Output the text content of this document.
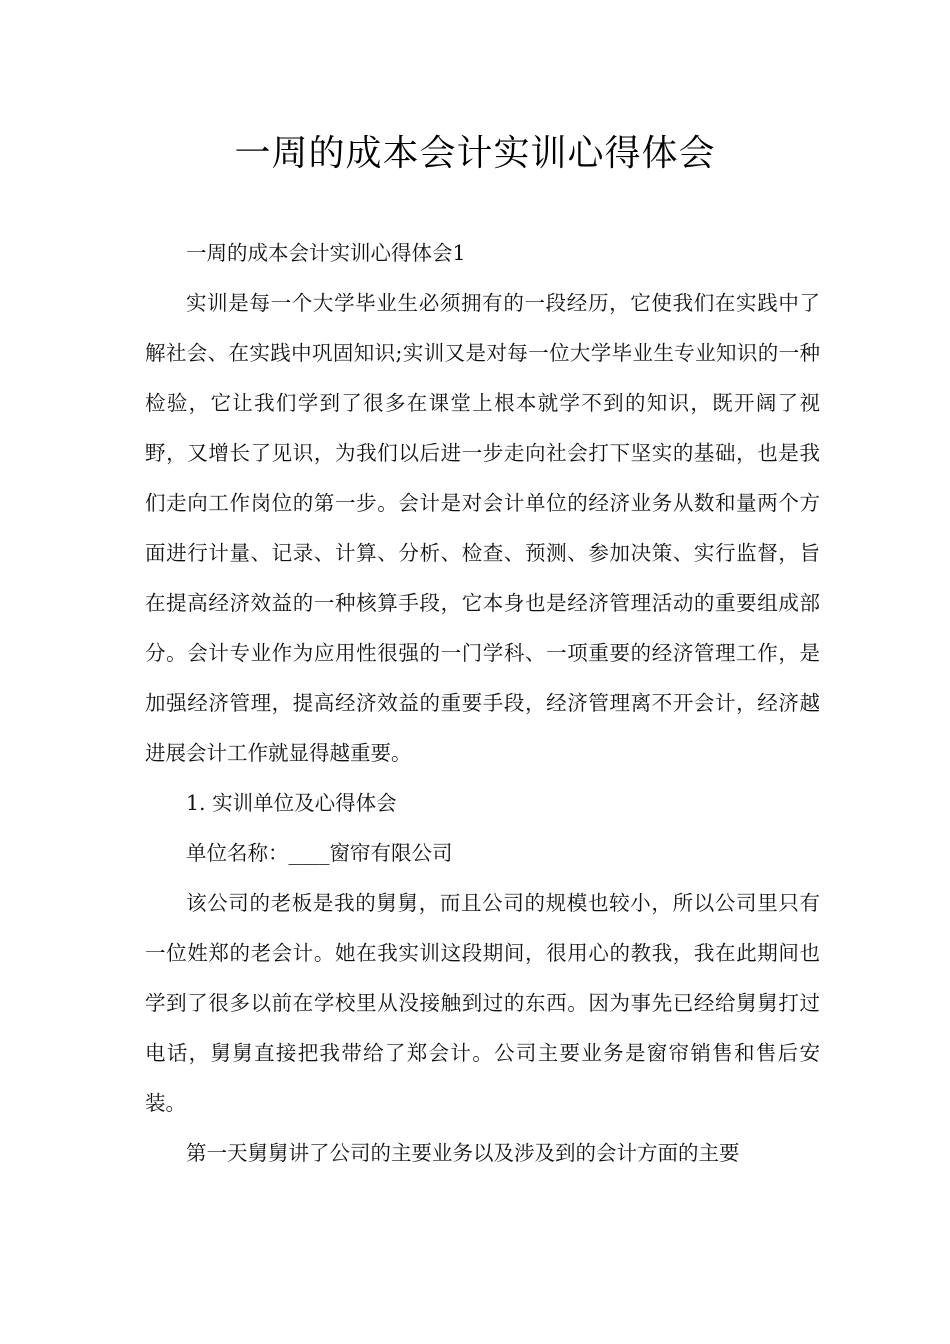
一周的成本会计实训心得体会

一周的成本会计实训心得体会1

实训是每一个大学毕业生必须拥有的一段经历，它使我们在实践中了解社会、在实践中巩固知识;实训又是对每一位大学毕业生专业知识的一种检验，它让我们学到了很多在课堂上根本就学不到的知识，既开阔了视野，又增长了见识，为我们以后进一步走向社会打下坚实的基础，也是我们走向工作岗位的第一步。会计是对会计单位的经济业务从数和量两个方面进行计量、记录、计算、分析、检查、预测、参加决策、实行监督，旨在提高经济效益的一种核算手段，它本身也是经济管理活动的重要组成部分。会计专业作为应用性很强的一门学科、一项重要的经济管理工作，是加强经济管理，提高经济效益的重要手段，经济管理离不开会计，经济越进展会计工作就显得越重要。

1. 实训单位及心得体会

单位名称：____窗帘有限公司

该公司的老板是我的舅舅，而且公司的规模也较小，所以公司里只有一位姓郑的老会计。她在我实训这段期间，很用心的教我，我在此期间也学到了很多以前在学校里从没接触到过的东西。因为事先已经给舅舅打过电话，舅舅直接把我带给了郑会计。公司主要业务是窗帘销售和售后安装。

第一天舅舅讲了公司的主要业务以及涉及到的会计方面的主要
